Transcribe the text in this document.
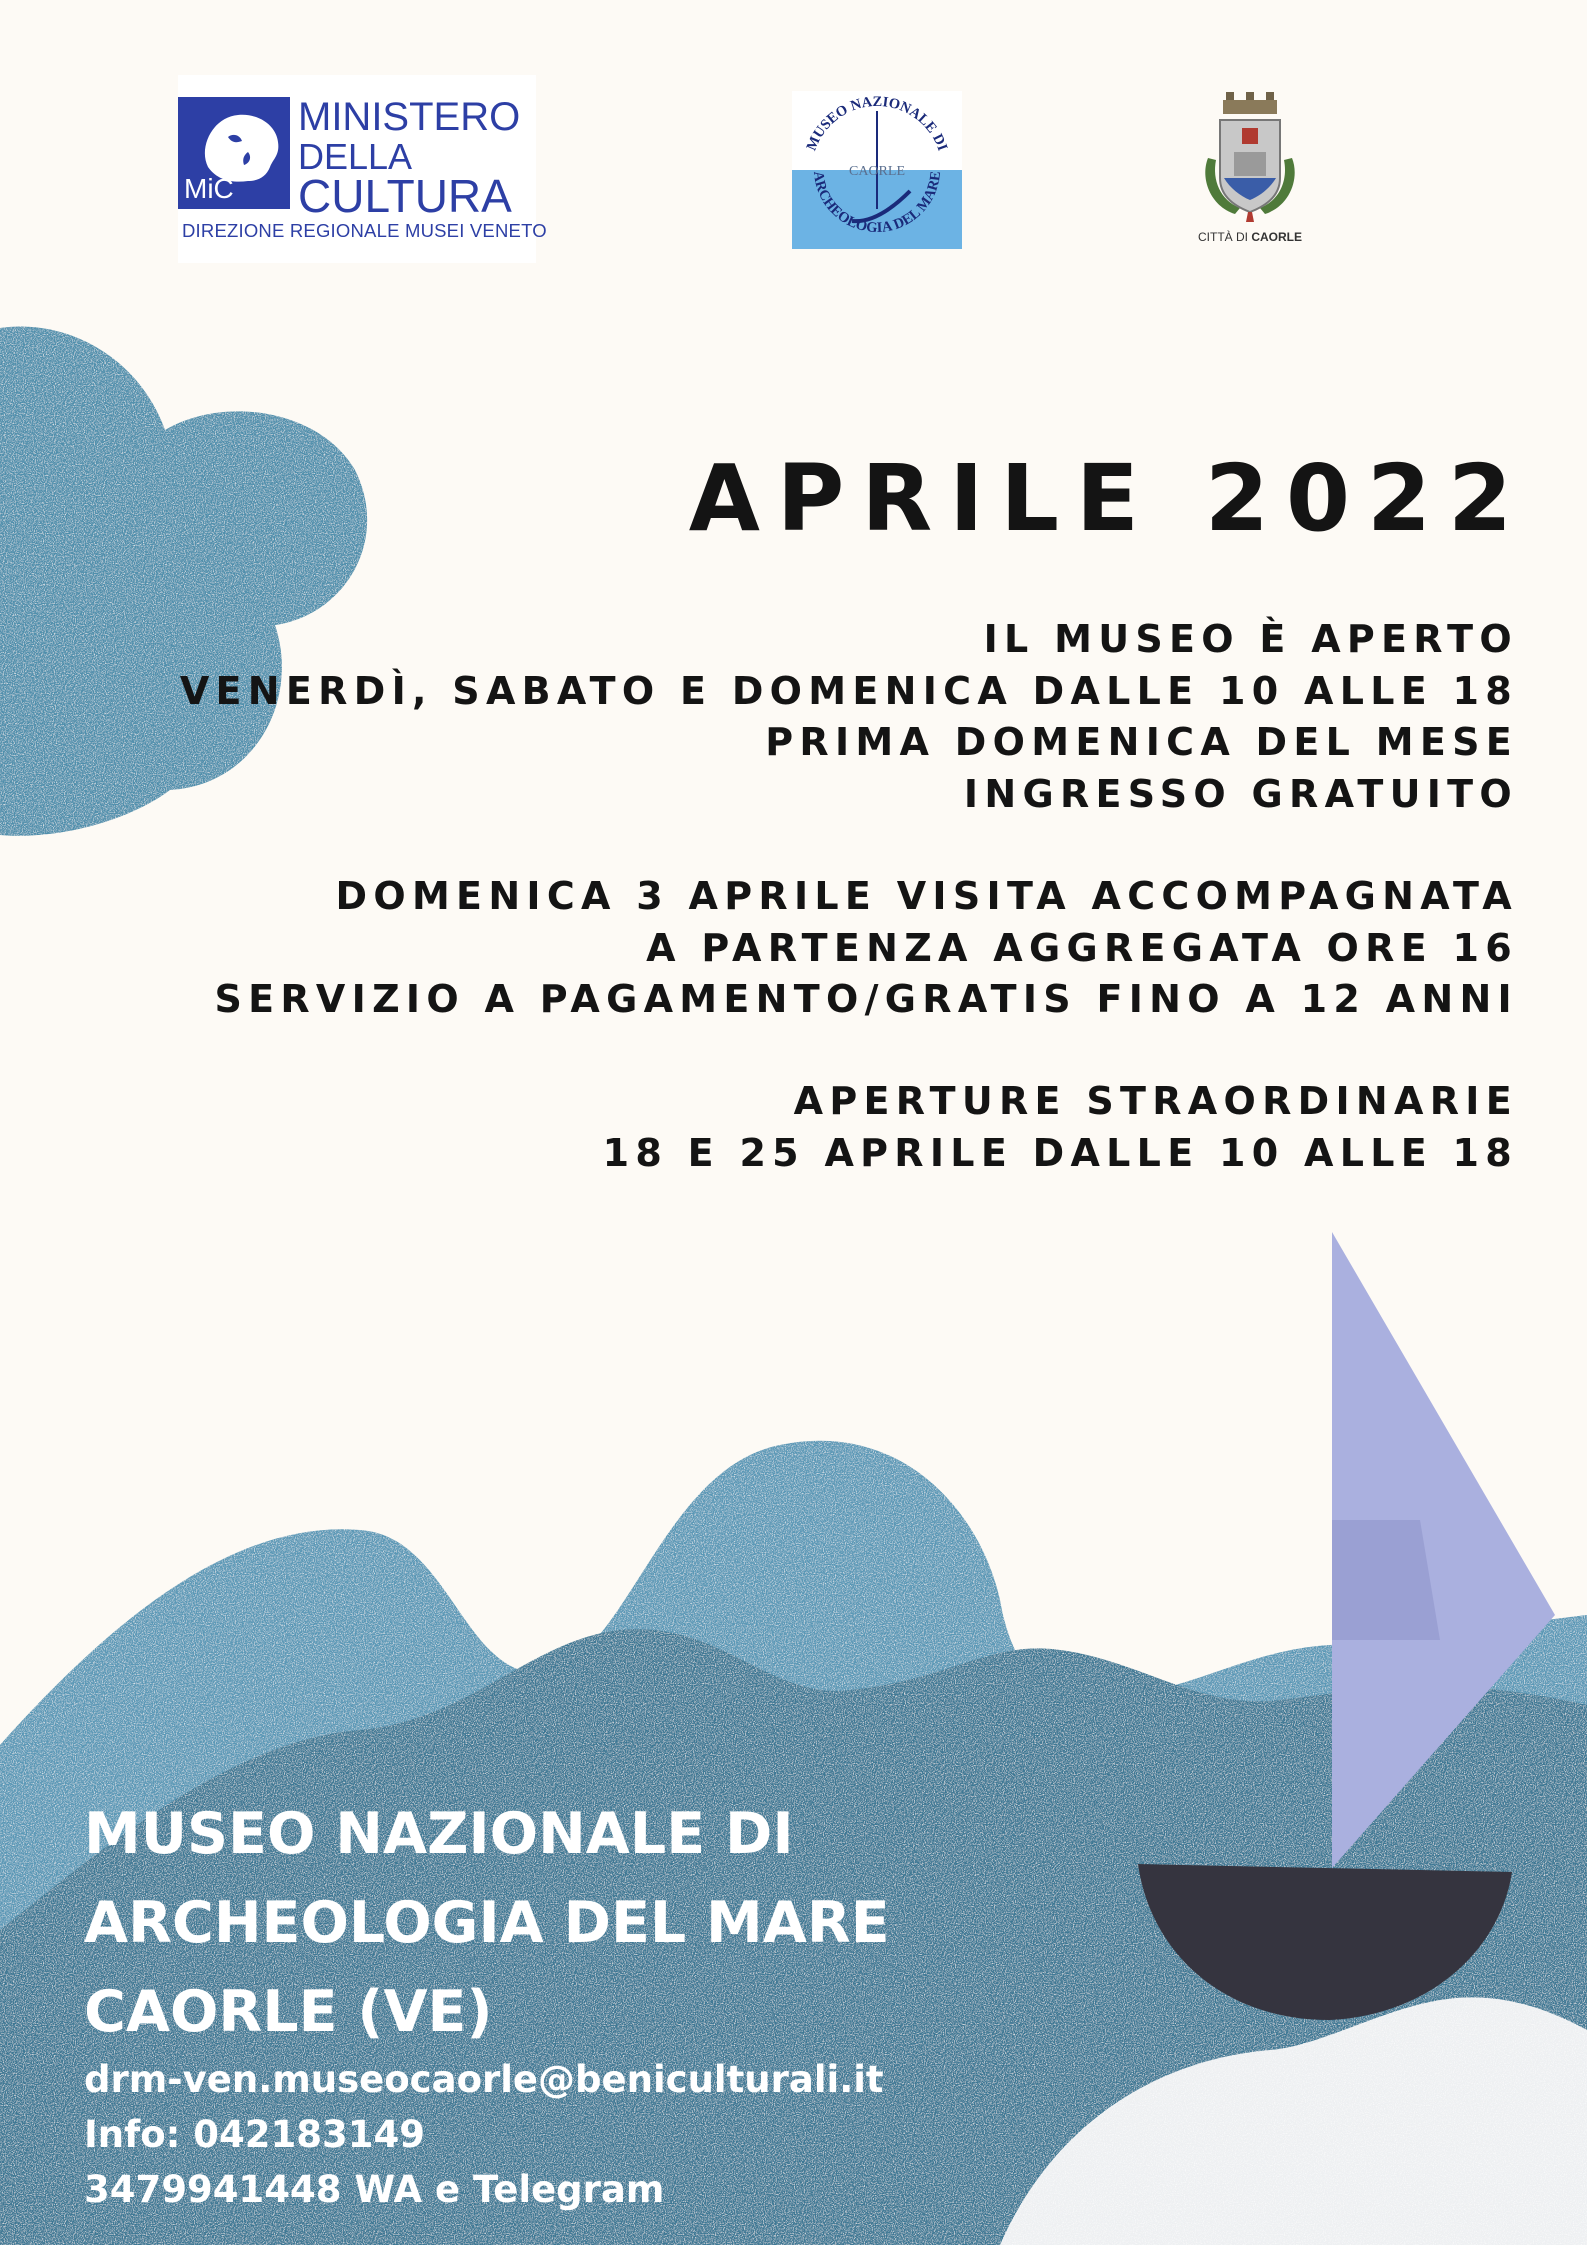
MiC
MINISTERO
DELLA
CULTURA
DIREZIONE REGIONALE MUSEI VENETO
MUSEO NAZIONALE DI
ARCHEOLOGIA DEL MARE
CAORLE
CITTÀ DI CAORLE
APRILE 2022
IL MUSEO È APERTO
VENERDÌ, SABATO E DOMENICA DALLE 10 ALLE 18
PRIMA DOMENICA DEL MESE
INGRESSO GRATUITO
DOMENICA 3 APRILE VISITA ACCOMPAGNATA
A PARTENZA AGGREGATA ORE 16
SERVIZIO A PAGAMENTO/GRATIS FINO A 12 ANNI
APERTURE STRAORDINARIE
18 E 25 APRILE DALLE 10 ALLE 18
MUSEO NAZIONALE DI
ARCHEOLOGIA DEL MARE
CAORLE (VE)
drm-ven.museocaorle@beniculturali.it
Info: 042183149
3479941448 WA e Telegram
